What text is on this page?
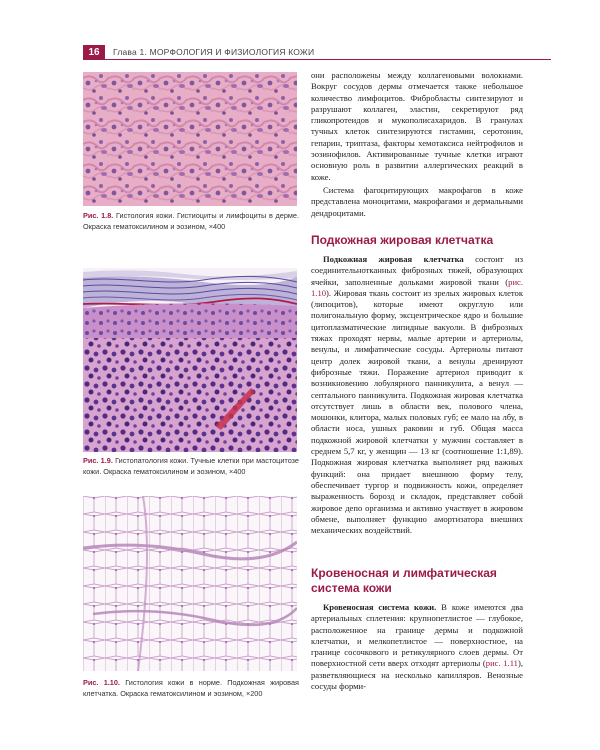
16	Глава 1. МОРФОЛОГИЯ И ФИЗИОЛОГИЯ КОЖИ
Рис. 1.8. Гистология кожи. Гистиоциты и лимфоциты в дерме. Окраска гематоксилином и эозином, ×400
Рис. 1.9. Гистопатология кожи. Тучные клетки при мастоцитозе кожи. Окраска гематоксилином и эозином, ×400
Рис. 1.10. Гистология кожи в норме. Подкожная жировая клетчатка. Окраска гематоксилином и эозином, ×200

они расположены между коллагеновыми волокнами. Вокруг сосудов дермы отмечается также небольшое количество лимфоцитов. Фибробласты синтезируют и разрушают коллаген, эластин, секретируют ряд гликопротеидов и мукополисахаридов. В гранулах тучных клеток синтезируются гистамин, серотонин, гепарин, триптаза, факторы хемотаксиса нейтрофилов и эозинофилов. Активированные тучные клетки играют основную роль в развитии аллергических реакций в коже.

Система фагоцитирующих макрофагов в коже представлена моноцитами, макрофагами и дермальными дендроцитами.

Подкожная жировая клетчатка

Подкожная жировая клетчатка состоит из соединительнотканных фиброзных тяжей, образующих ячейки, заполненные дольками жировой ткани (рис. 1.10). Жировая ткань состоит из зрелых жировых клеток (липоцитов), которые имеют округлую или полигональную форму, эксцентрическое ядро и большие цитоплазматические липидные вакуоли. В фиброзных тяжах проходят нервы, малые артерии и артериолы, венулы, и лимфатические сосуды. Артериолы питают центр долек жировой ткани, а венулы дренируют фиброзные тяжи. Поражение артериол приводит к возникновению лобулярного панникулита, а венул — септального панникулита. Подкожная жировая клетчатка отсутствует лишь в области век, полового члена, мошонки, клитора, малых половых губ; ее мало на лбу, в области носа, ушных раковин и губ. Общая масса подкожной жировой клетчатки у мужчин составляет в среднем 5,7 кг, у женщин — 13 кг (соотношение 1:1,89). Подкожная жировая клетчатка выполняет ряд важных функций: она придает внешнюю форму телу, обеспечивает тургор и подвижность кожи, определяет выраженность борозд и складок, представляет собой жировое депо организма и активно участвует в жировом обмене, выполняет функцию амортизатора внешних механических воздействий.

Кровеносная и лимфатическая система кожи

Кровеносная система кожи. В коже имеются два артериальных сплетения: крупнопетлистое — глубокое, расположенное на границе дермы и подкожной клетчатки, и мелкопетлистое — поверхностное, на границе сосочкового и ретикулярного слоев дермы. От поверхностной сети вверх отходят артериолы (рис. 1.11), разветвляющиеся на несколько капилляров. Венозные сосуды форми-
